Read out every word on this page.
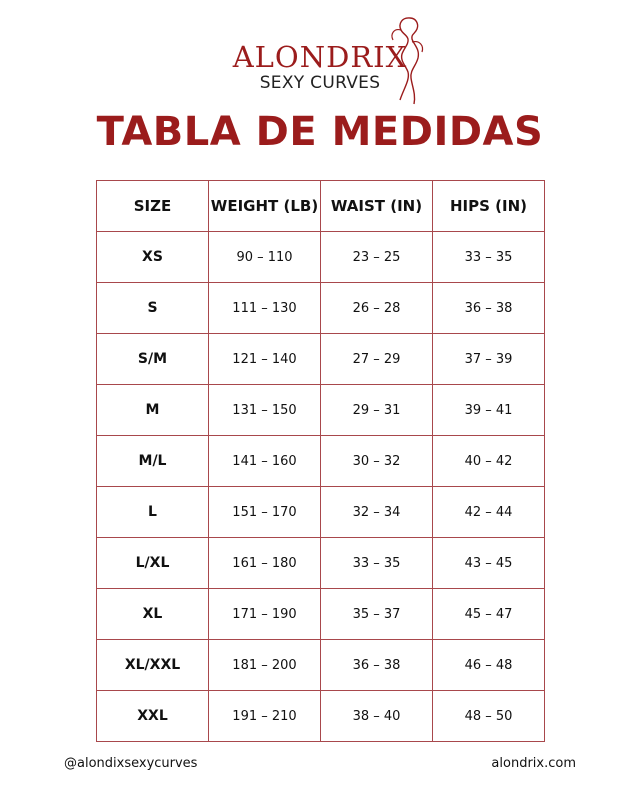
ALONDRIX
SEXY CURVES
TABLA DE MEDIDAS
SIZE	WEIGHT (LB)	WAIST (IN)	HIPS (IN)
XS	90 – 110	23 – 25	33 – 35
S	111 – 130	26 – 28	36 – 38
S/M	121 – 140	27 – 29	37 – 39
M	131 – 150	29 – 31	39 – 41
M/L	141 – 160	30 – 32	40 – 42
L	151 – 170	32 – 34	42 – 44
L/XL	161 – 180	33 – 35	43 – 45
XL	171 – 190	35 – 37	45 – 47
XL/XXL	181 – 200	36 – 38	46 – 48
XXL	191 – 210	38 – 40	48 – 50
@alondixsexycurves	alondrix.com
